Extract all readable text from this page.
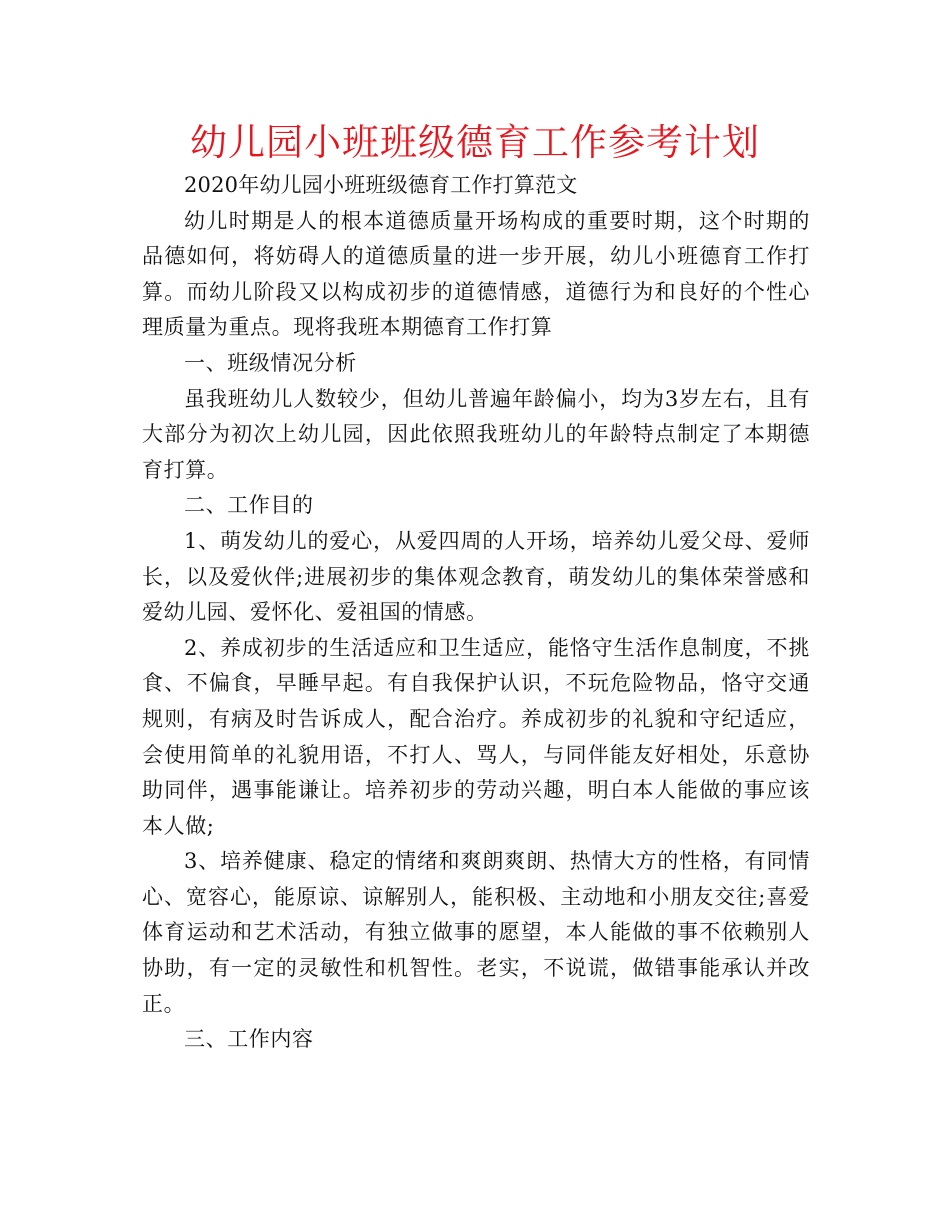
幼儿园小班班级德育工作参考计划

2020年幼儿园小班班级德育工作打算范文

幼儿时期是人的根本道德质量开场构成的重要时期，这个时期的品德如何，将妨碍人的道德质量的进一步开展，幼儿小班德育工作打算。而幼儿阶段又以构成初步的道德情感，道德行为和良好的个性心理质量为重点。现将我班本期德育工作打算

一、班级情况分析

虽我班幼儿人数较少，但幼儿普遍年龄偏小，均为3岁左右，且有大部分为初次上幼儿园，因此依照我班幼儿的年龄特点制定了本期德育打算。

二、工作目的

1、萌发幼儿的爱心，从爱四周的人开场，培养幼儿爱父母、爱师长，以及爱伙伴;进展初步的集体观念教育，萌发幼儿的集体荣誉感和爱幼儿园、爱怀化、爱祖国的情感。

2、养成初步的生活适应和卫生适应，能恪守生活作息制度，不挑食、不偏食，早睡早起。有自我保护认识，不玩危险物品，恪守交通规则，有病及时告诉成人，配合治疗。养成初步的礼貌和守纪适应，会使用简单的礼貌用语，不打人、骂人，与同伴能友好相处，乐意协助同伴，遇事能谦让。培养初步的劳动兴趣，明白本人能做的事应该本人做;

3、培养健康、稳定的情绪和爽朗爽朗、热情大方的性格，有同情心、宽容心，能原谅、谅解别人，能积极、主动地和小朋友交往;喜爱体育运动和艺术活动，有独立做事的愿望，本人能做的事不依赖别人协助，有一定的灵敏性和机智性。老实，不说谎，做错事能承认并改正。

三、工作内容
